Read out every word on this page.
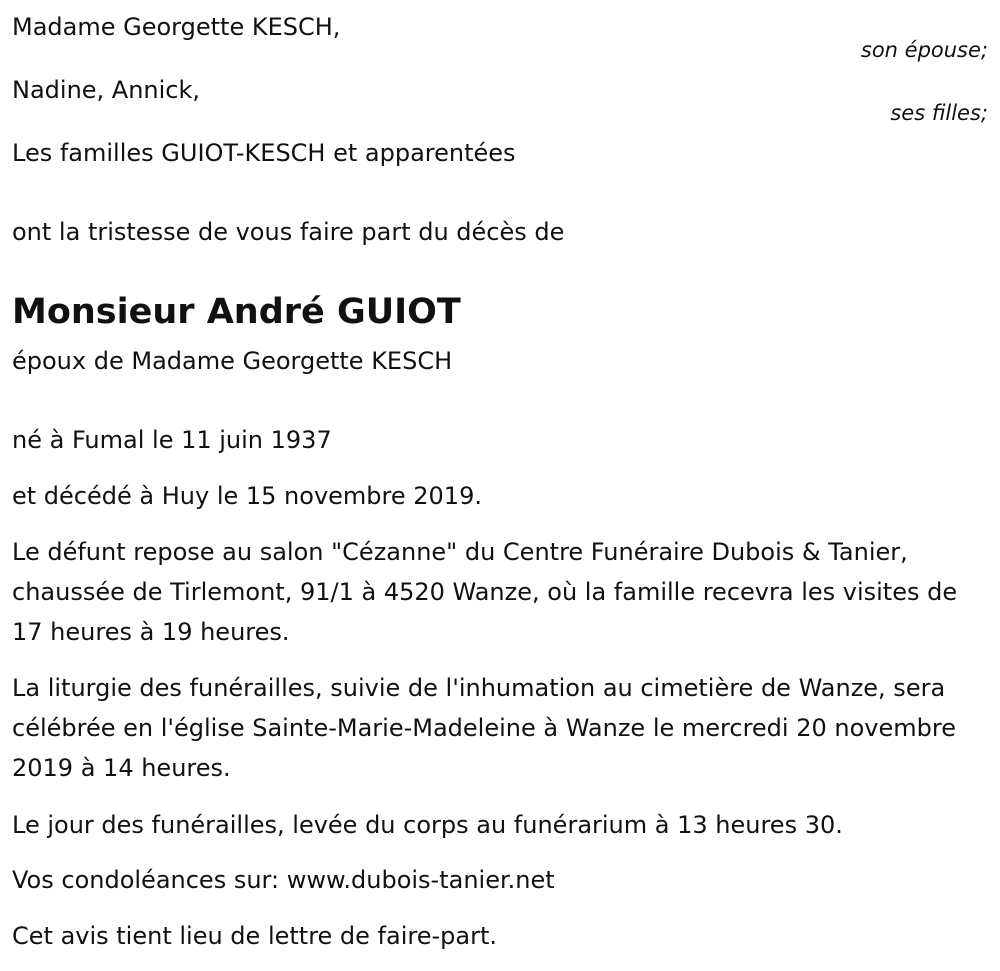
Madame Georgette KESCH,
son épouse;
Nadine, Annick,
ses filles;
Les familles GUIOT-KESCH et apparentées
ont la tristesse de vous faire part du décès de
Monsieur André GUIOT
époux de Madame Georgette KESCH
né à Fumal le 11 juin 1937
et décédé à Huy le 15 novembre 2019.
Le défunt repose au salon "Cézanne" du Centre Funéraire Dubois & Tanier, chaussée de Tirlemont, 91/1 à 4520 Wanze, où la famille recevra les visites de 17 heures à 19 heures.
La liturgie des funérailles, suivie de l'inhumation au cimetière de Wanze, sera célébrée en l'église Sainte-Marie-Madeleine à Wanze le mercredi 20 novembre 2019 à 14 heures.
Le jour des funérailles, levée du corps au funérarium à 13 heures 30.
Vos condoléances sur: www.dubois-tanier.net
Cet avis tient lieu de lettre de faire-part.
